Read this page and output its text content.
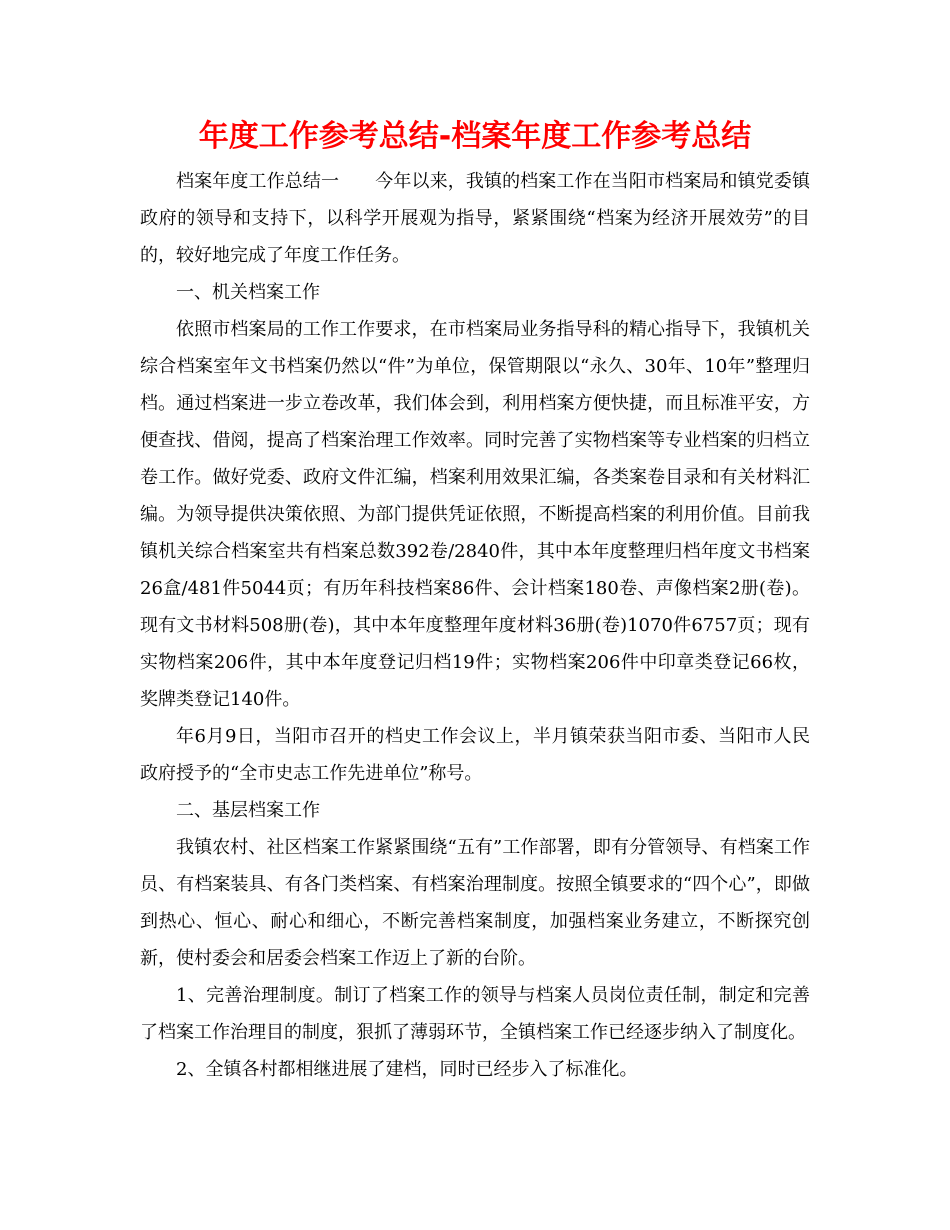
年度工作参考总结-档案年度工作参考总结

档案年度工作总结一 今年以来，我镇的档案工作在当阳市档案局和镇党委镇政府的领导和支持下，以科学开展观为指导，紧紧围绕“档案为经济开展效劳”的目的，较好地完成了年度工作任务。

一、机关档案工作

依照市档案局的工作工作要求，在市档案局业务指导科的精心指导下，我镇机关综合档案室年文书档案仍然以“件”为单位，保管期限以“永久、30年、10年”整理归档。通过档案进一步立卷改革，我们体会到，利用档案方便快捷，而且标准平安，方便查找、借阅，提高了档案治理工作效率。同时完善了实物档案等专业档案的归档立卷工作。做好党委、政府文件汇编，档案利用效果汇编，各类案卷目录和有关材料汇编。为领导提供决策依照、为部门提供凭证依照，不断提高档案的利用价值。目前我镇机关综合档案室共有档案总数392卷/2840件，其中本年度整理归档年度文书档案26盒/481件5044页；有历年科技档案86件、会计档案180卷、声像档案2册(卷)。现有文书材料508册(卷)，其中本年度整理年度材料36册(卷)1070件6757页；现有实物档案206件，其中本年度登记归档19件；实物档案206件中印章类登记66枚，奖牌类登记140件。

年6月9日，当阳市召开的档史工作会议上，半月镇荣获当阳市委、当阳市人民政府授予的“全市史志工作先进单位”称号。

二、基层档案工作

我镇农村、社区档案工作紧紧围绕“五有”工作部署，即有分管领导、有档案工作员、有档案装具、有各门类档案、有档案治理制度。按照全镇要求的“四个心”，即做到热心、恒心、耐心和细心，不断完善档案制度，加强档案业务建立，不断探究创新，使村委会和居委会档案工作迈上了新的台阶。

1、完善治理制度。制订了档案工作的领导与档案人员岗位责任制，制定和完善了档案工作治理目的制度，狠抓了薄弱环节，全镇档案工作已经逐步纳入了制度化。

2、全镇各村都相继进展了建档，同时已经步入了标准化。
